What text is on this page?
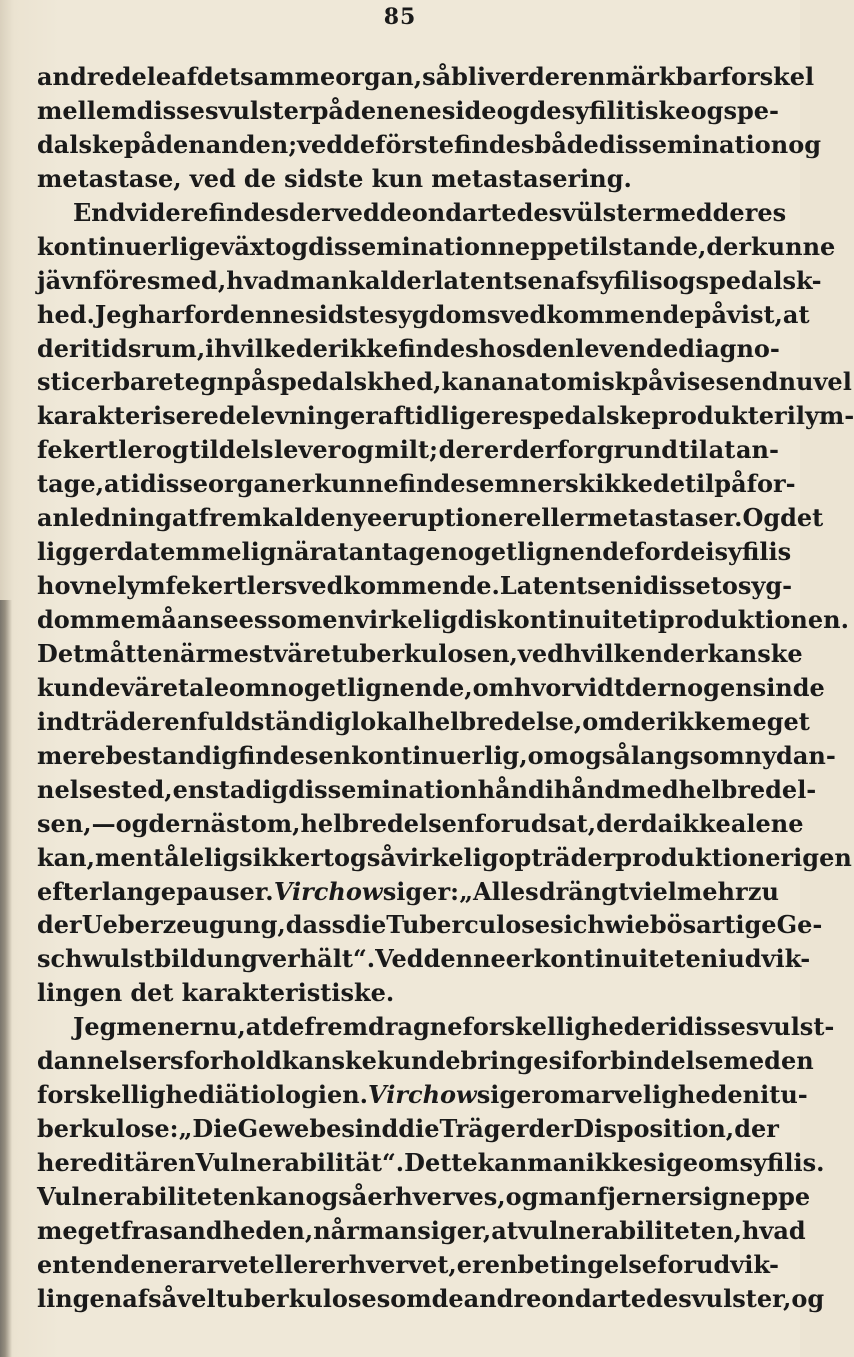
85
andre dele af det samme organ, så bliver der en märkbar forskel
mellem disse svulster på den ene side og de syfilitiske og spe-
dalske på den anden; ved de förste findes både dissemination og
metastase, ved de sidste kun metastasering.
Endvidere findes der ved de ondartede svülster med deres
kontinuerlige växt og dissemination neppe tilstande, der kunne
jävnföres med, hvad man kalder latentsen af syfilis og spedalsk-
hed. Jeg har for denne sidste sygdoms vedkommende påvist, at
der i tidsrum, i hvilke der ikke findes hos den levende diagno-
sticerbare tegn på spedalskhed, kan anatomisk påvises endnu vel
karakteriserede levninger af tidligere spedalske produkter i lym-
fekertler og tildels lever og milt; der er derfor grund til at an-
tage, at i disse organer kunne findes emner skikkede til på for-
anledning at fremkalde nye eruptioner eller metastaser. Og det
ligger da temmelig när at antage noget lignende for de i syfilis
hovne lymfekertlers vedkommende. Latentsen i disse to syg-
domme må ansees som en virkelig diskontinuitet i produktionen.
Det måtte närmest väre tuberkulosen, ved hvilken der kanske
kunde väre tale om noget lignende, om hvorvidt der nogensinde
indträder en fuldständig lokal helbredelse, om der ikke meget
mere bestandig findes en kontinuerlig, om også langsom nydan-
nelse sted, en stadig dissemination hånd i hånd med helbredel-
sen, — og dernäst om, helbredelsen forudsat, der da ikke alene
kan, men tålelig sikkert også virkelig opträder produktioner igen
efter lange pauser. Virchow siger: „Alles drängt vielmehr zu
der Ueberzeugung, dass die Tuberculose sich wie bösartige Ge-
schwulstbildung verhält“. Ved denne er kontinuiteten i udvik-
lingen det karakteristiske.
Jeg mener nu, at de fremdragne forskelligheder i disse svulst-
dannelsers forhold kanske kunde bringes i forbindelse med en
forskellighed i ätiologien. Virchow siger om arveligheden i tu-
berkulose: „Die Gewebe sind die Träger der Disposition, der
hereditären Vulnerabilität“. Dette kan man ikke sige om syfilis.
Vulnerabiliteten kan også erhverves, og man fjerner sig neppe
meget fra sandheden, når man siger, at vulnerabiliteten, hvad
enten den er arvet eller erhvervet, er en betingelse for udvik-
lingen af såvel tuberkulose som de andre ondartede svulster, og
